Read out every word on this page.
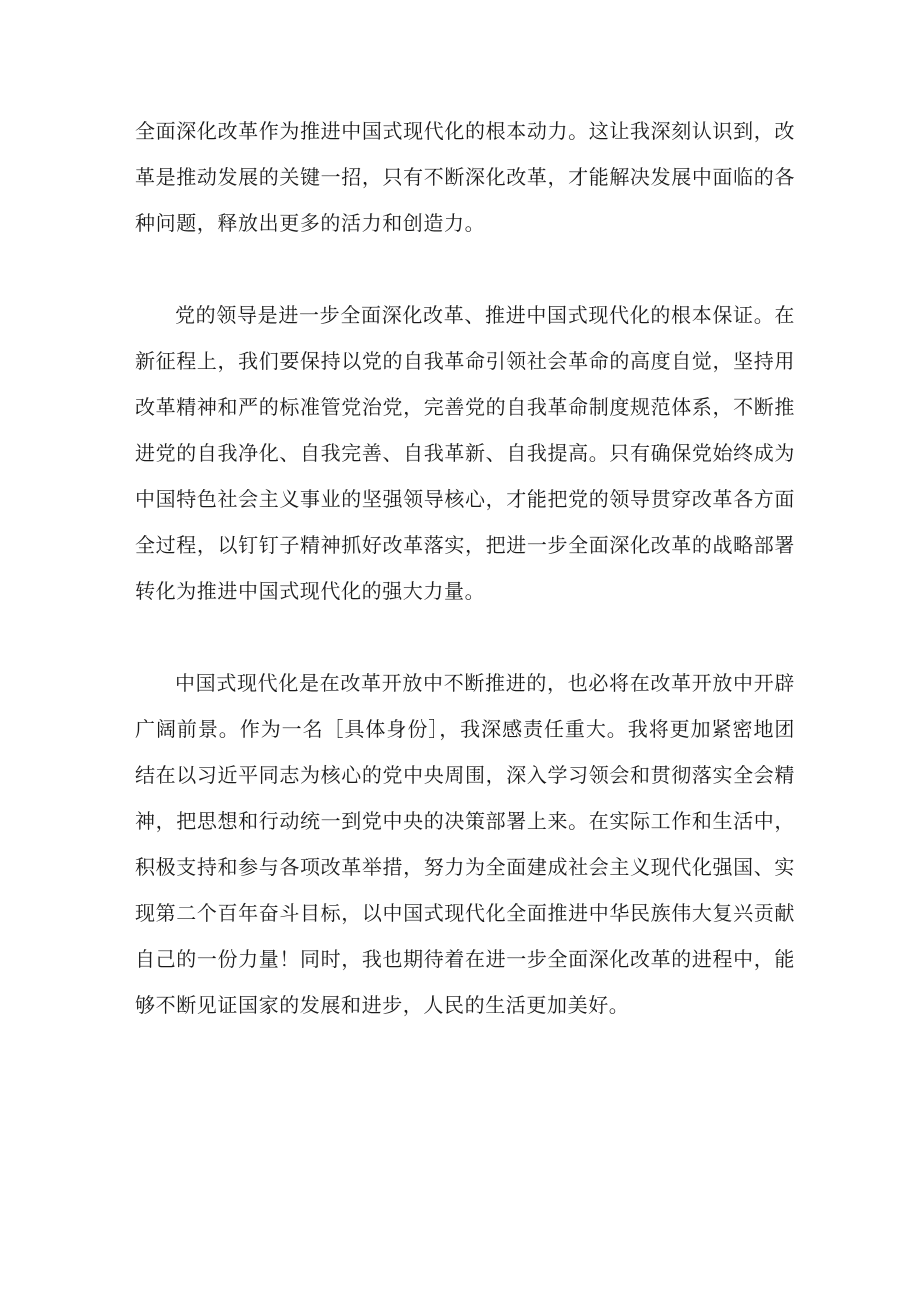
全面深化改革作为推进中国式现代化的根本动力。这让我深刻认识到，改革是推动发展的关键一招，只有不断深化改革，才能解决发展中面临的各种问题，释放出更多的活力和创造力。

党的领导是进一步全面深化改革、推进中国式现代化的根本保证。在新征程上，我们要保持以党的自我革命引领社会革命的高度自觉，坚持用改革精神和严的标准管党治党，完善党的自我革命制度规范体系，不断推进党的自我净化、自我完善、自我革新、自我提高。只有确保党始终成为中国特色社会主义事业的坚强领导核心，才能把党的领导贯穿改革各方面全过程，以钉钉子精神抓好改革落实，把进一步全面深化改革的战略部署转化为推进中国式现代化的强大力量。

中国式现代化是在改革开放中不断推进的，也必将在改革开放中开辟广阔前景。作为一名［具体身份］，我深感责任重大。我将更加紧密地团结在以习近平同志为核心的党中央周围，深入学习领会和贯彻落实全会精神，把思想和行动统一到党中央的决策部署上来。在实际工作和生活中，积极支持和参与各项改革举措，努力为全面建成社会主义现代化强国、实现第二个百年奋斗目标，以中国式现代化全面推进中华民族伟大复兴贡献自己的一份力量！同时，我也期待着在进一步全面深化改革的进程中，能够不断见证国家的发展和进步，人民的生活更加美好。
